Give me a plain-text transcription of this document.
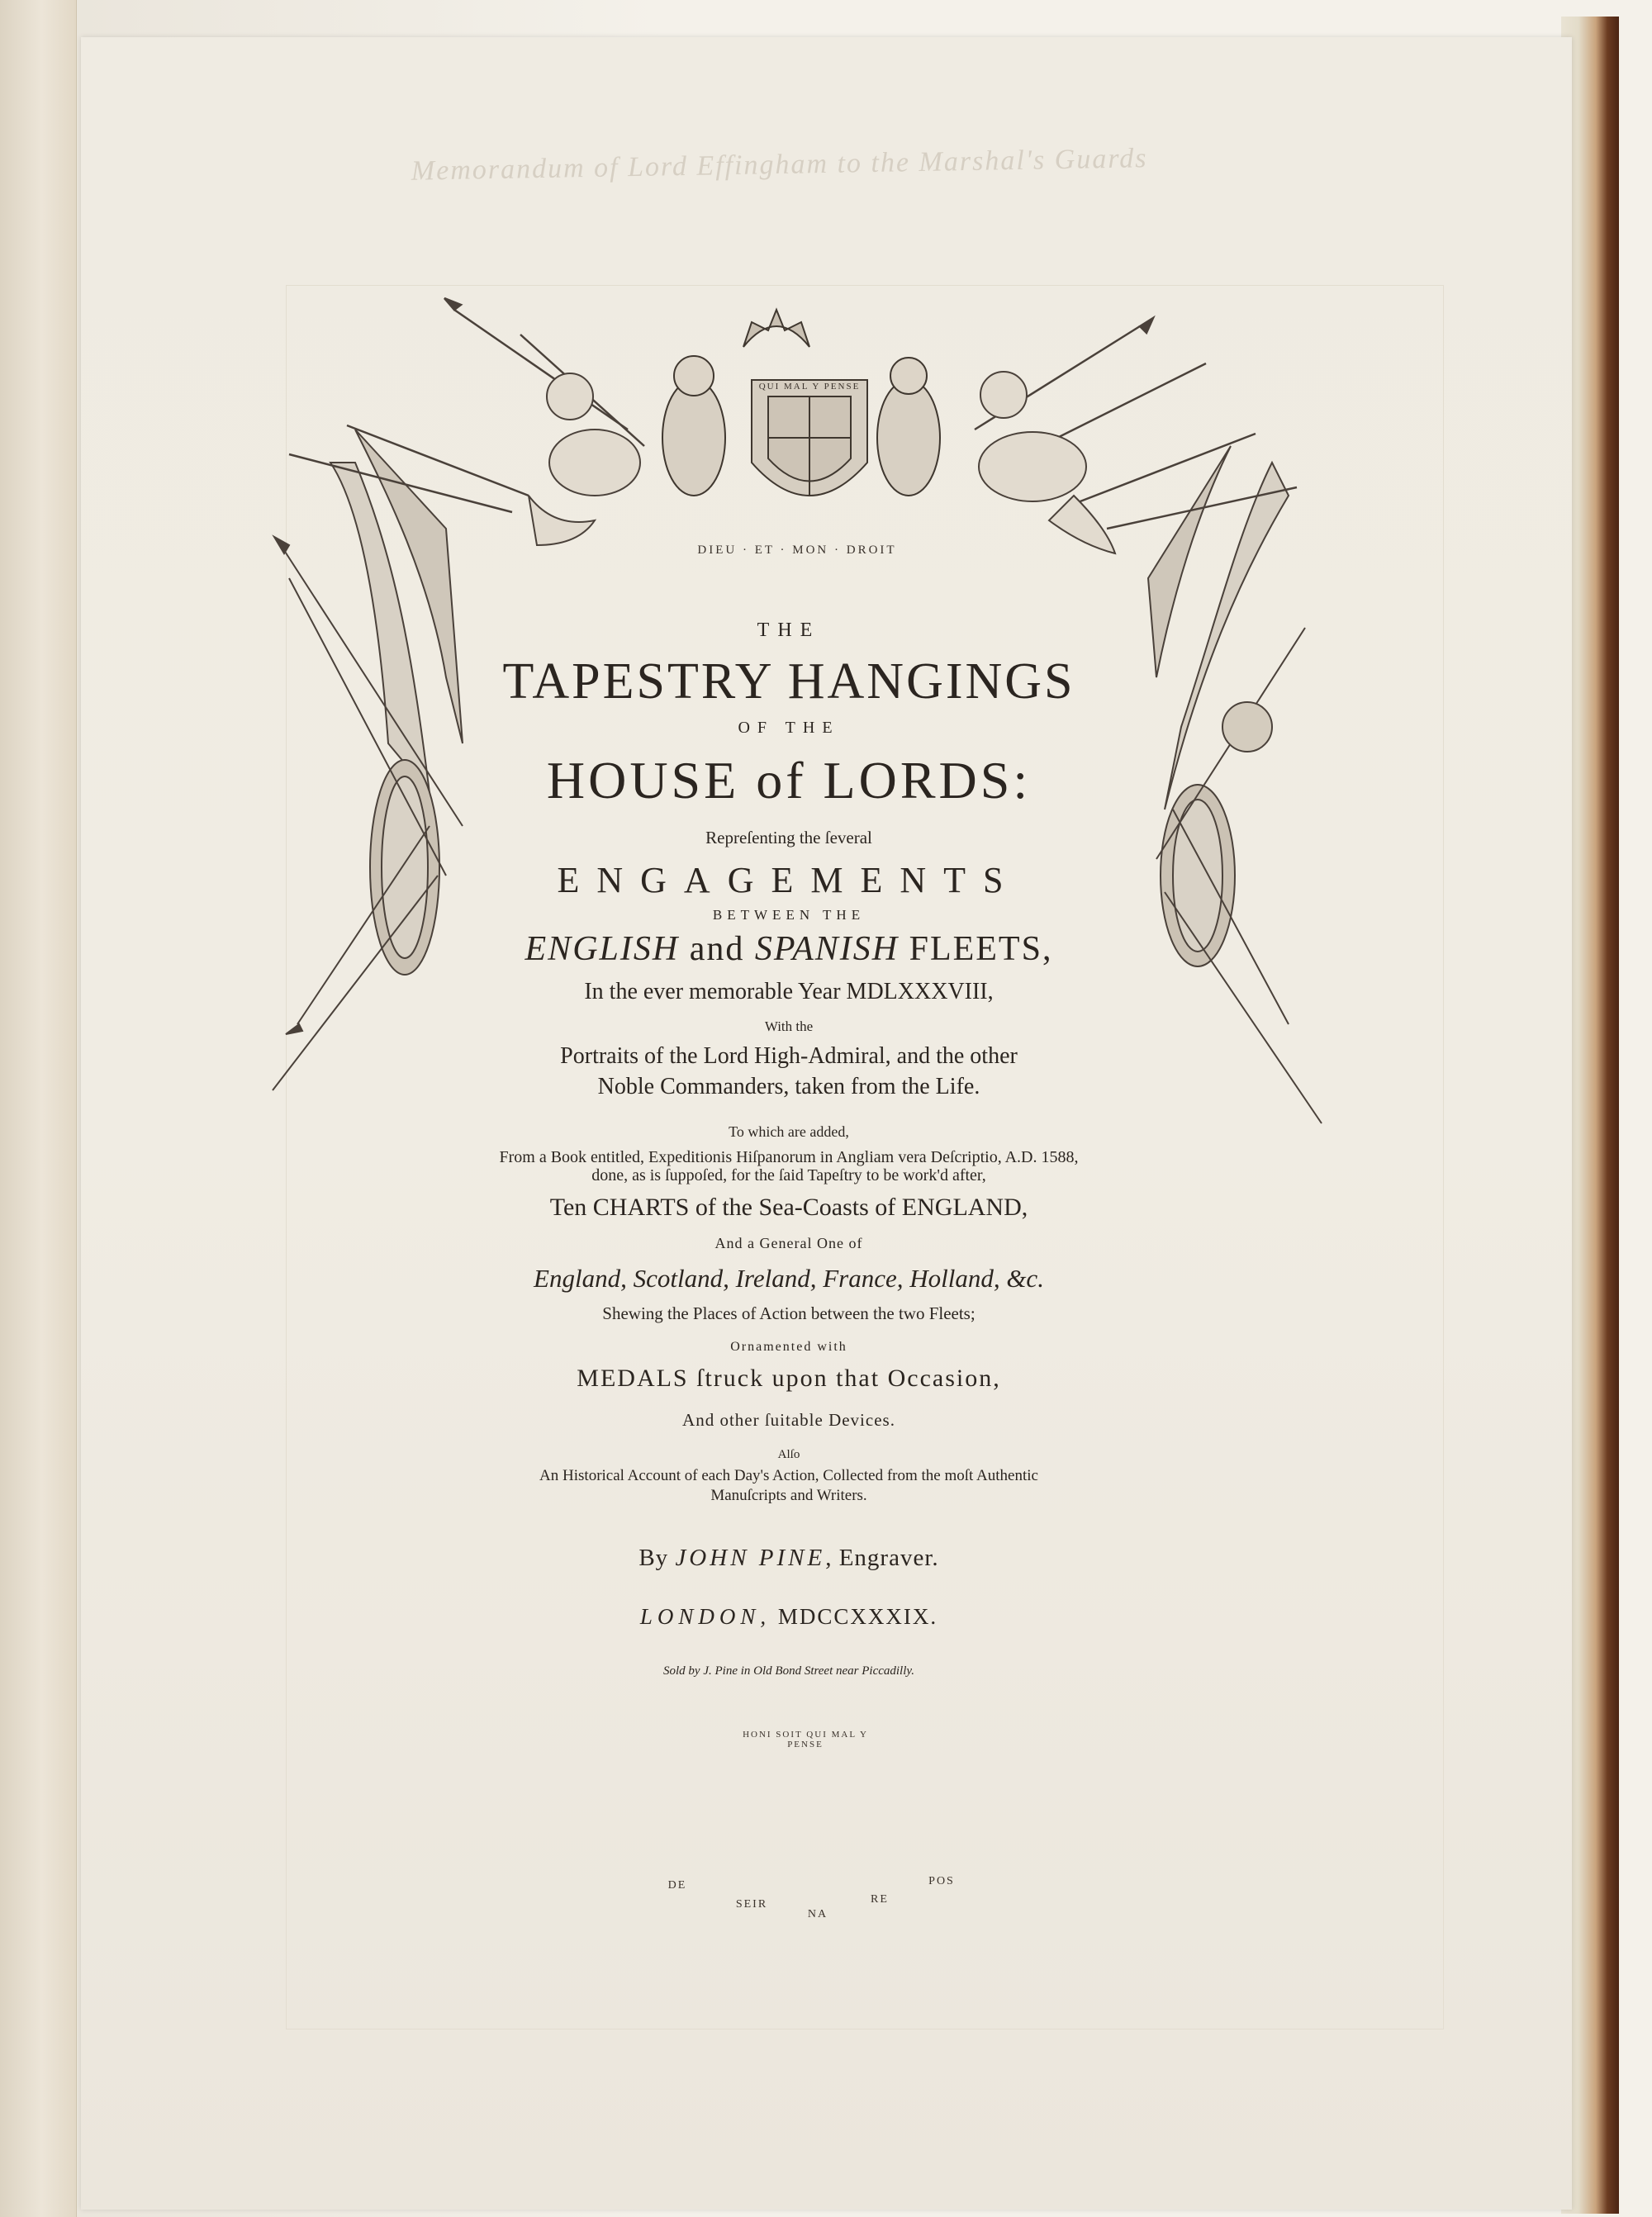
Memorandum of Lord Effingham to the Marshal's Guards
DIEU · ET · MON · DROIT
QUI MAL Y PENSE
HONI SOIT QUI MAL Y PENSE
DE
SEIR
NA
RE
POS
THE
TAPESTRY HANGINGS
OF THE
HOUSE of LORDS:
Repreſenting the ſeveral
ENGAGEMENTS
BETWEEN THE
ENGLISH and SPANISH FLEETS,
In the ever memorable Year MDLXXXVIII,
With the
Portraits of the Lord High-Admiral, and the other
Noble Commanders, taken from the Life.
To which are added,
From a Book entitled, Expeditionis Hiſpanorum in Angliam vera Deſcriptio, A.D. 1588,
done, as is ſuppoſed, for the ſaid Tapeſtry to be work'd after,
Ten CHARTS of the Sea-Coasts of ENGLAND,
And a General One of
England, Scotland, Ireland, France, Holland, &c.
Shewing the Places of Action between the two Fleets;
Ornamented with
MEDALS ſtruck upon that Occasion,
And other ſuitable Devices.
Alſo
An Historical Account of each Day's Action, Collected from the moſt Authentic
Manuſcripts and Writers.
By JOHN PINE, Engraver.
LONDON, MDCCXXXIX.
Sold by J. Pine in Old Bond Street near Piccadilly.
